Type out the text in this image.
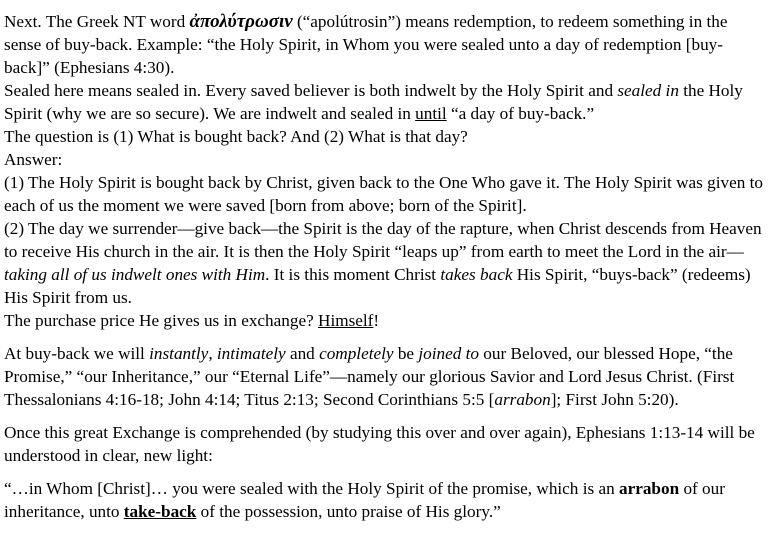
Next. The Greek NT word ἀπολύτρωσιν (“apolútrosin”) means redemption, to redeem something in the sense of buy-back. Example: “the Holy Spirit, in Whom you were sealed unto a day of redemption [buy-back]” (Ephesians 4:30).

Sealed here means sealed in. Every saved believer is both indwelt by the Holy Spirit and sealed in the Holy Spirit (why we are so secure). We are indwelt and sealed in until “a day of buy-back.”

The question is (1) What is bought back? And (2) What is that day?

Answer:

(1) The Holy Spirit is bought back by Christ, given back to the One Who gave it. The Holy Spirit was given to each of us the moment we were saved [born from above; born of the Spirit].

(2) The day we surrender—give back—the Spirit is the day of the rapture, when Christ descends from Heaven to receive His church in the air. It is then the Holy Spirit “leaps up” from earth to meet the Lord in the air—taking all of us indwelt ones with Him. It is this moment Christ takes back His Spirit, “buys-back” (redeems) His Spirit from us.

The purchase price He gives us in exchange? Himself!

At buy-back we will instantly, intimately and completely be joined to our Beloved, our blessed Hope, “the Promise,” “our Inheritance,” our “Eternal Life”—namely our glorious Savior and Lord Jesus Christ. (First Thessalonians 4:16-18; John 4:14; Titus 2:13; Second Corinthians 5:5 [arrabon]; First John 5:20).

Once this great Exchange is comprehended (by studying this over and over again), Ephesians 1:13-14 will be understood in clear, new light:

“…in Whom [Christ]… you were sealed with the Holy Spirit of the promise, which is an arrabon of our inheritance, unto take-back of the possession, unto praise of His glory.”
